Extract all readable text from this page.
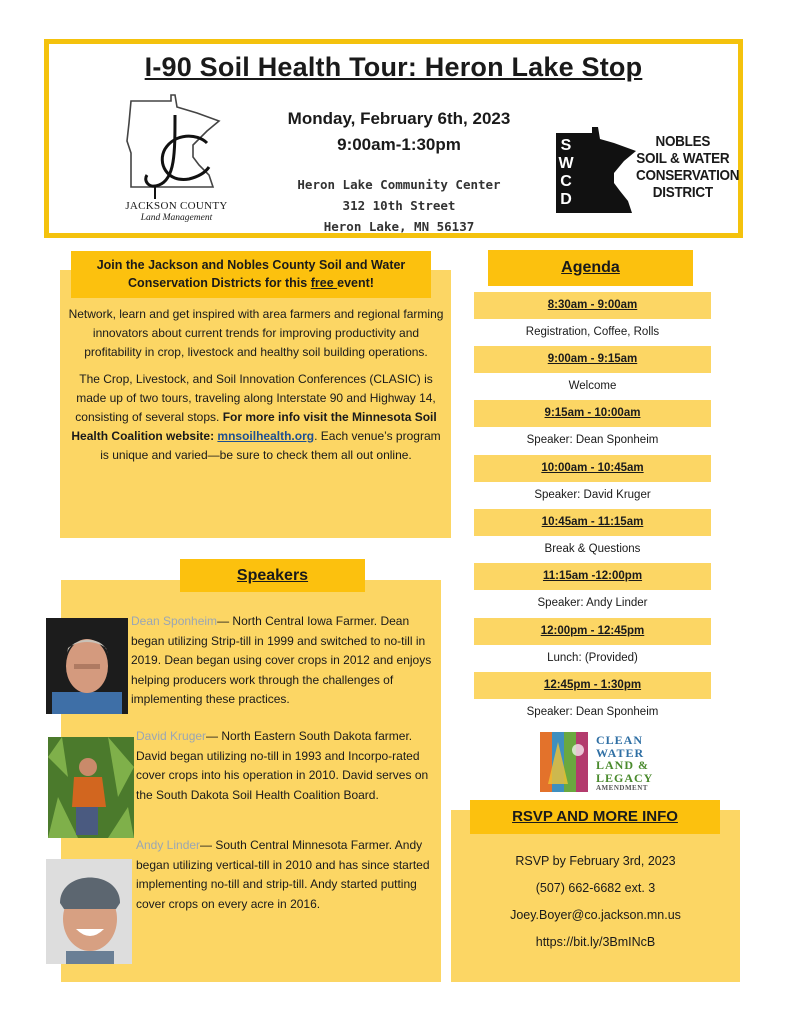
I-90 Soil Health Tour: Heron Lake Stop
Monday, February 6th, 2023
9:00am-1:30pm
Heron Lake Community Center
312 10th Street
Heron Lake, MN 56137
JACKSON COUNTY
Land Management
S
W
C
D
NOBLES
SOIL & WATER
CONSERVATION
DISTRICT
Join the Jackson and Nobles County Soil and Water Conservation Districts for this free event!

Network, learn and get inspired with area farmers and regional farming innovators about current trends for improving productivity and profitability in crop, livestock and healthy soil building operations.

The Crop, Livestock, and Soil Innovation Conferences (CLASIC) is made up of two tours, traveling along Interstate 90 and Highway 14, consisting of several stops. For more info visit the Minnesota Soil Health Coalition website: mnsoilhealth.org. Each venue’s program is unique and varied—be sure to check them all out online.

Speakers
Dean Sponheim— North Central Iowa Farmer. Dean began utilizing Strip-till in 1999 and switched to no-till in 2019. Dean began using cover crops in 2012 and enjoys helping producers work through the challenges of implementing these practices.
David Kruger— North Eastern South Dakota farmer. David began utilizing no-till in 1993 and Incorpo-rated cover crops into his operation in 2010. David serves on the South Dakota Soil Health Coalition Board.
Andy Linder— South Central Minnesota Farmer. Andy began utilizing vertical-till in 2010 and has since started implementing no-till and strip-till. Andy started putting cover crops on every acre in 2016.
Agenda
8:30am - 9:00am
Registration, Coffee, Rolls
9:00am - 9:15am
Welcome
9:15am - 10:00am
Speaker: Dean Sponheim
10:00am - 10:45am
Speaker: David Kruger
10:45am - 11:15am
Break & Questions
11:15am -12:00pm
Speaker: Andy Linder
12:00pm - 12:45pm
Lunch: (Provided)
12:45pm - 1:30pm
Speaker: Dean Sponheim
CLEAN
WATER
LAND &
LEGACY
AMENDMENT
RSVP AND MORE INFO
RSVP by February 3rd, 2023
(507) 662-6682 ext. 3
Joey.Boyer@co.jackson.mn.us
https://bit.ly/3BmINcB
